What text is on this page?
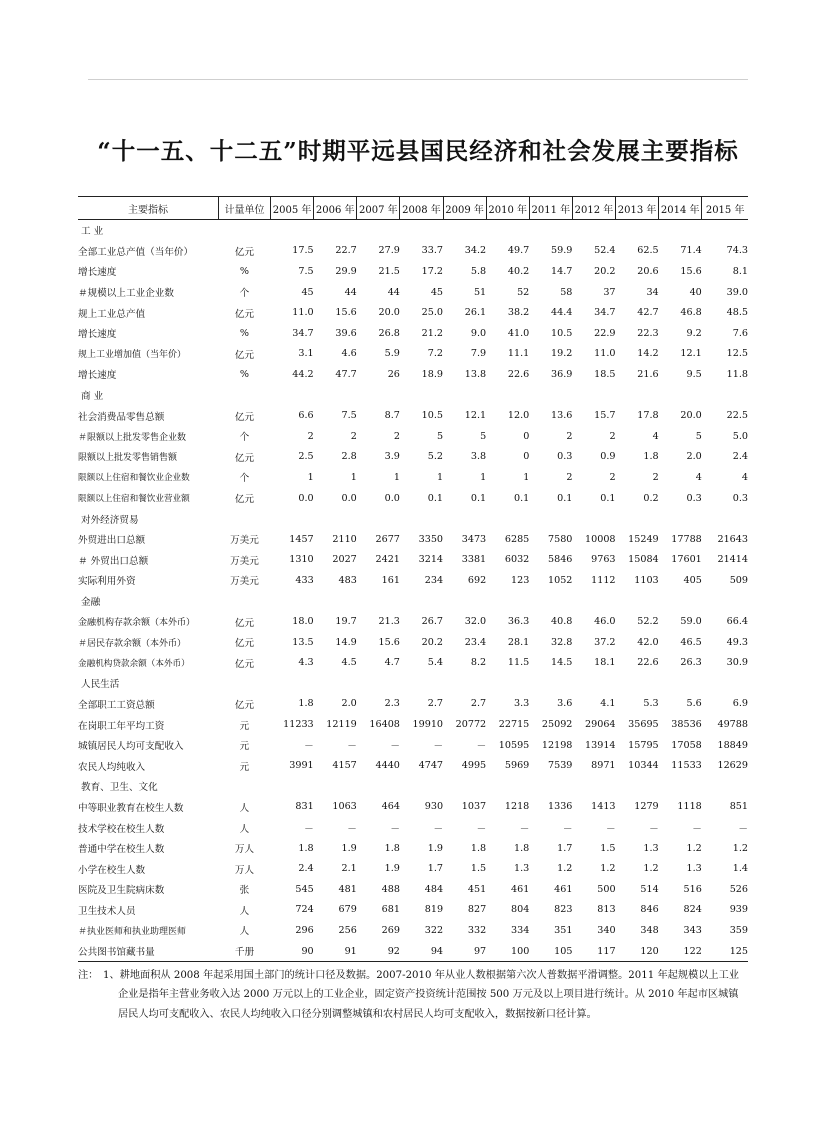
“十一五、十二五”时期平远县国民经济和社会发展主要指标
主要指标	计量单位	2005 年	2006 年	2007 年	2008 年	2009 年	2010 年	2011 年	2012 年	2013 年	2014 年	2015 年
工 业												
全部工业总产值（当年价）	亿元	17.5	22.7	27.9	33.7	34.2	49.7	59.9	52.4	62.5	71.4	74.3
增长速度	%	7.5	29.9	21.5	17.2	5.8	40.2	14.7	20.2	20.6	15.6	8.1
＃规模以上工业企业数	个	45	44	44	45	51	52	58	37	34	40	39.0
规上工业总产值	亿元	11.0	15.6	20.0	25.0	26.1	38.2	44.4	34.7	42.7	46.8	48.5
增长速度	%	34.7	39.6	26.8	21.2	9.0	41.0	10.5	22.9	22.3	9.2	7.6
规上工业增加值（当年价）	亿元	3.1	4.6	5.9	7.2	7.9	11.1	19.2	11.0	14.2	12.1	12.5
增长速度	%	44.2	47.7	26	18.9	13.8	22.6	36.9	18.5	21.6	9.5	11.8
商 业												
社会消费品零售总额	亿元	6.6	7.5	8.7	10.5	12.1	12.0	13.6	15.7	17.8	20.0	22.5
＃限额以上批发零售企业数	个	2	2	2	5	5	0	2	2	4	5	5.0
限额以上批发零售销售额	亿元	2.5	2.8	3.9	5.2	3.8	0	0.3	0.9	1.8	2.0	2.4
限额以上住宿和餐饮业企业数	个	1	1	1	1	1	1	2	2	2	4	4
限额以上住宿和餐饮业营业额	亿元	0.0	0.0	0.0	0.1	0.1	0.1	0.1	0.1	0.2	0.3	0.3
对外经济贸易												
外贸进出口总额	万美元	1457	2110	2677	3350	3473	6285	7580	10008	15249	17788	21643
＃ 外贸出口总额	万美元	1310	2027	2421	3214	3381	6032	5846	9763	15084	17601	21414
实际利用外资	万美元	433	483	161	234	692	123	1052	1112	1103	405	509
金融												
金融机构存款余额（本外币）	亿元	18.0	19.7	21.3	26.7	32.0	36.3	40.8	46.0	52.2	59.0	66.4
＃居民存款余额（本外币）	亿元	13.5	14.9	15.6	20.2	23.4	28.1	32.8	37.2	42.0	46.5	49.3
金融机构贷款余额（本外币）	亿元	4.3	4.5	4.7	5.4	8.2	11.5	14.5	18.1	22.6	26.3	30.9
人民生活												
全部职工工资总额	亿元	1.8	2.0	2.3	2.7	2.7	3.3	3.6	4.1	5.3	5.6	6.9
在岗职工年平均工资	元	11233	12119	16408	19910	20772	22715	25092	29064	35695	38536	49788
城镇居民人均可支配收入	元	－	－	－	－	－	10595	12198	13914	15795	17058	18849
农民人均纯收入	元	3991	4157	4440	4747	4995	5969	7539	8971	10344	11533	12629
教育、卫生、文化												
中等职业教育在校生人数	人	831	1063	464	930	1037	1218	1336	1413	1279	1118	851
技术学校在校生人数	人	－	－	－	－	－	－	－	－	－	－	－
普通中学在校生人数	万人	1.8	1.9	1.8	1.9	1.8	1.8	1.7	1.5	1.3	1.2	1.2
小学在校生人数	万人	2.4	2.1	1.9	1.7	1.5	1.3	1.2	1.2	1.2	1.3	1.4
医院及卫生院病床数	张	545	481	488	484	451	461	461	500	514	516	526
卫生技术人员	人	724	679	681	819	827	804	823	813	846	824	939
＃执业医师和执业助理医师	人	296	256	269	322	332	334	351	340	348	343	359
公共图书馆藏书量	千册	90	91	92	94	97	100	105	117	120	122	125
注： 1、耕地面积从 2008 年起采用国土部门的统计口径及数据。2007-2010 年从业人数根据第六次人普数据平滑调整。2011 年起规模以上工业企业是指年主营业务收入达 2000 万元以上的工业企业，固定资产投资统计范围按 500 万元及以上项目进行统计。从 2010 年起市区城镇居民人均可支配收入、农民人均纯收入口径分别调整城镇和农村居民人均可支配收入，数据按新口径计算。
